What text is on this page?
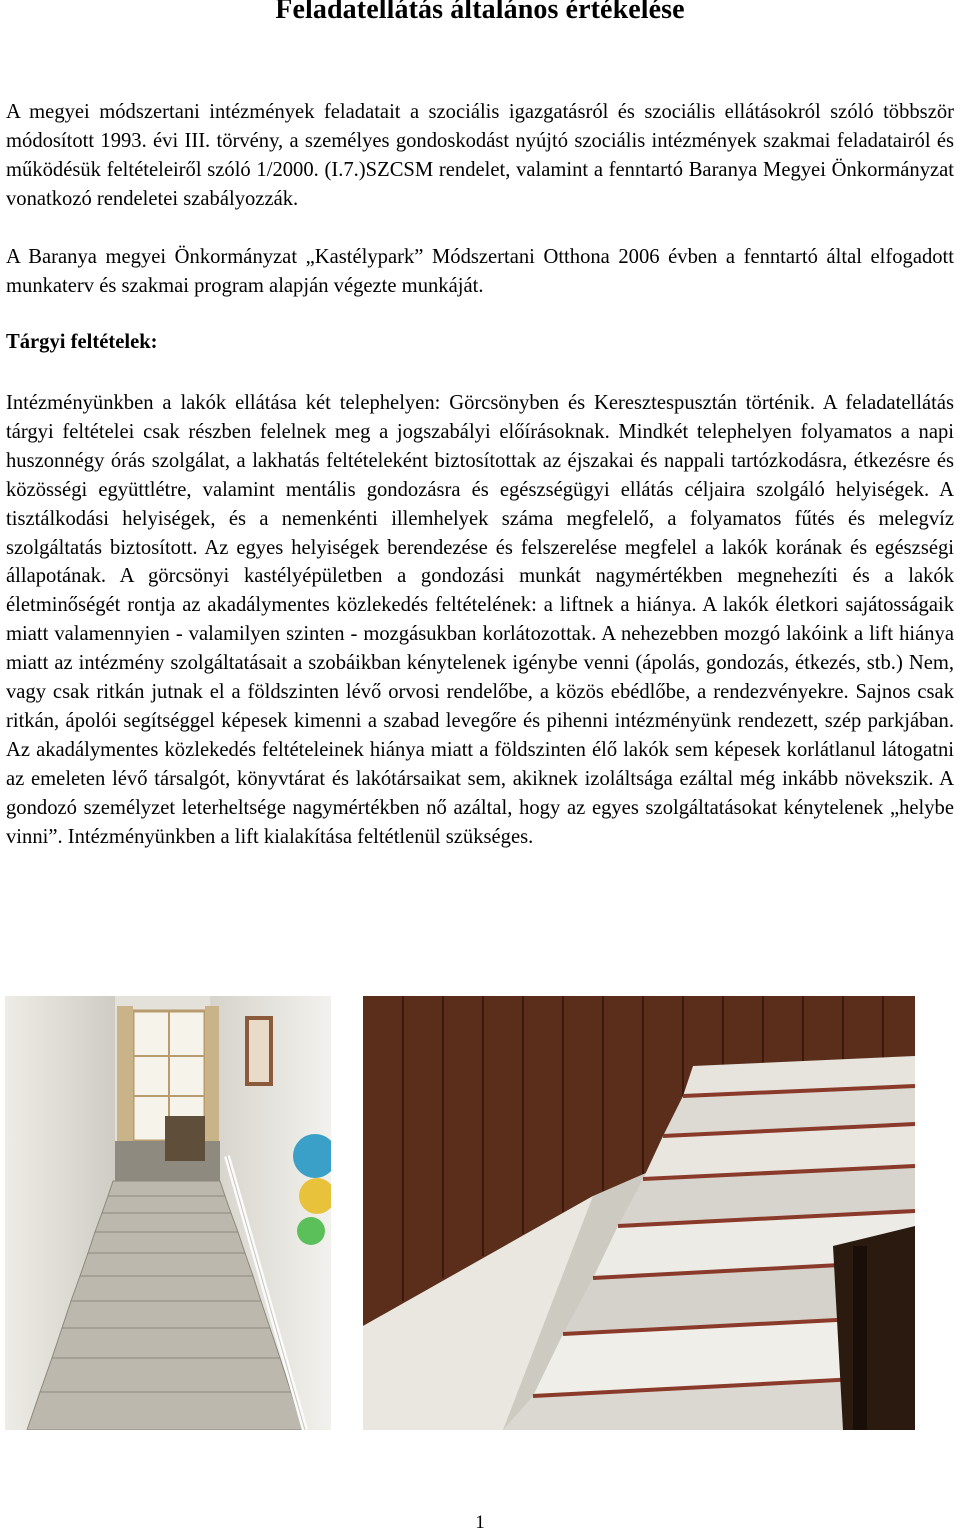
Feladatellátás általános értékelése

A megyei módszertani intézmények feladatait a szociális igazgatásról és szociális ellátásokról szóló többször módosított 1993. évi III. törvény, a személyes gondoskodást nyújtó szociális intézmények szakmai feladatairól és működésük feltételeiről szóló 1/2000. (I.7.)SZCSM rendelet, valamint a fenntartó Baranya Megyei Önkormányzat vonatkozó rendeletei szabályozzák.

A Baranya megyei Önkormányzat „Kastélypark” Módszertani Otthona 2006 évben a fenntartó által elfogadott munkaterv és szakmai program alapján végezte munkáját.

Tárgyi feltételek:

Intézményünkben a lakók ellátása két telephelyen: Görcsönyben és Keresztespusztán történik. A feladatellátás tárgyi feltételei csak részben felelnek meg a jogszabályi előírásoknak. Mindkét telephelyen folyamatos a napi huszonnégy órás szolgálat, a lakhatás feltételeként biztosítottak az éjszakai és nappali tartózkodásra, étkezésre és közösségi együttlétre, valamint mentális gondozásra és egészségügyi ellátás céljaira szolgáló helyiségek. A tisztálkodási helyiségek, és a nemenkénti illemhelyek száma megfelelő, a folyamatos fűtés és melegvíz szolgáltatás biztosított. Az egyes helyiségek berendezése és felszerelése megfelel a lakók korának és egészségi állapotának. A görcsönyi kastélyépületben a gondozási munkát nagymértékben megnehezíti és a lakók életminőségét rontja az akadálymentes közlekedés feltételének: a liftnek a hiánya. A lakók életkori sajátosságaik miatt valamennyien - valamilyen szinten - mozgásukban korlátozottak. A nehezebben mozgó lakóink a lift hiánya miatt az intézmény szolgáltatásait a szobáikban kénytelenek igénybe venni (ápolás, gondozás, étkezés, stb.) Nem, vagy csak ritkán jutnak el a földszinten lévő orvosi rendelőbe, a közös ebédlőbe, a rendezvényekre. Sajnos csak ritkán, ápolói segítséggel képesek kimenni a szabad levegőre és pihenni intézményünk rendezett, szép parkjában. Az akadálymentes közlekedés feltételeinek hiánya miatt a földszinten élő lakók sem képesek korlátlanul látogatni az emeleten lévő társalgót, könyvtárat és lakótársaikat sem, akiknek izoláltsága ezáltal még inkább növekszik. A gondozó személyzet leterheltsége nagymértékben nő azáltal, hogy az egyes szolgáltatásokat kénytelenek „helybe vinni”. Intézményünkben a lift kialakítása feltétlenül szükséges.

1
